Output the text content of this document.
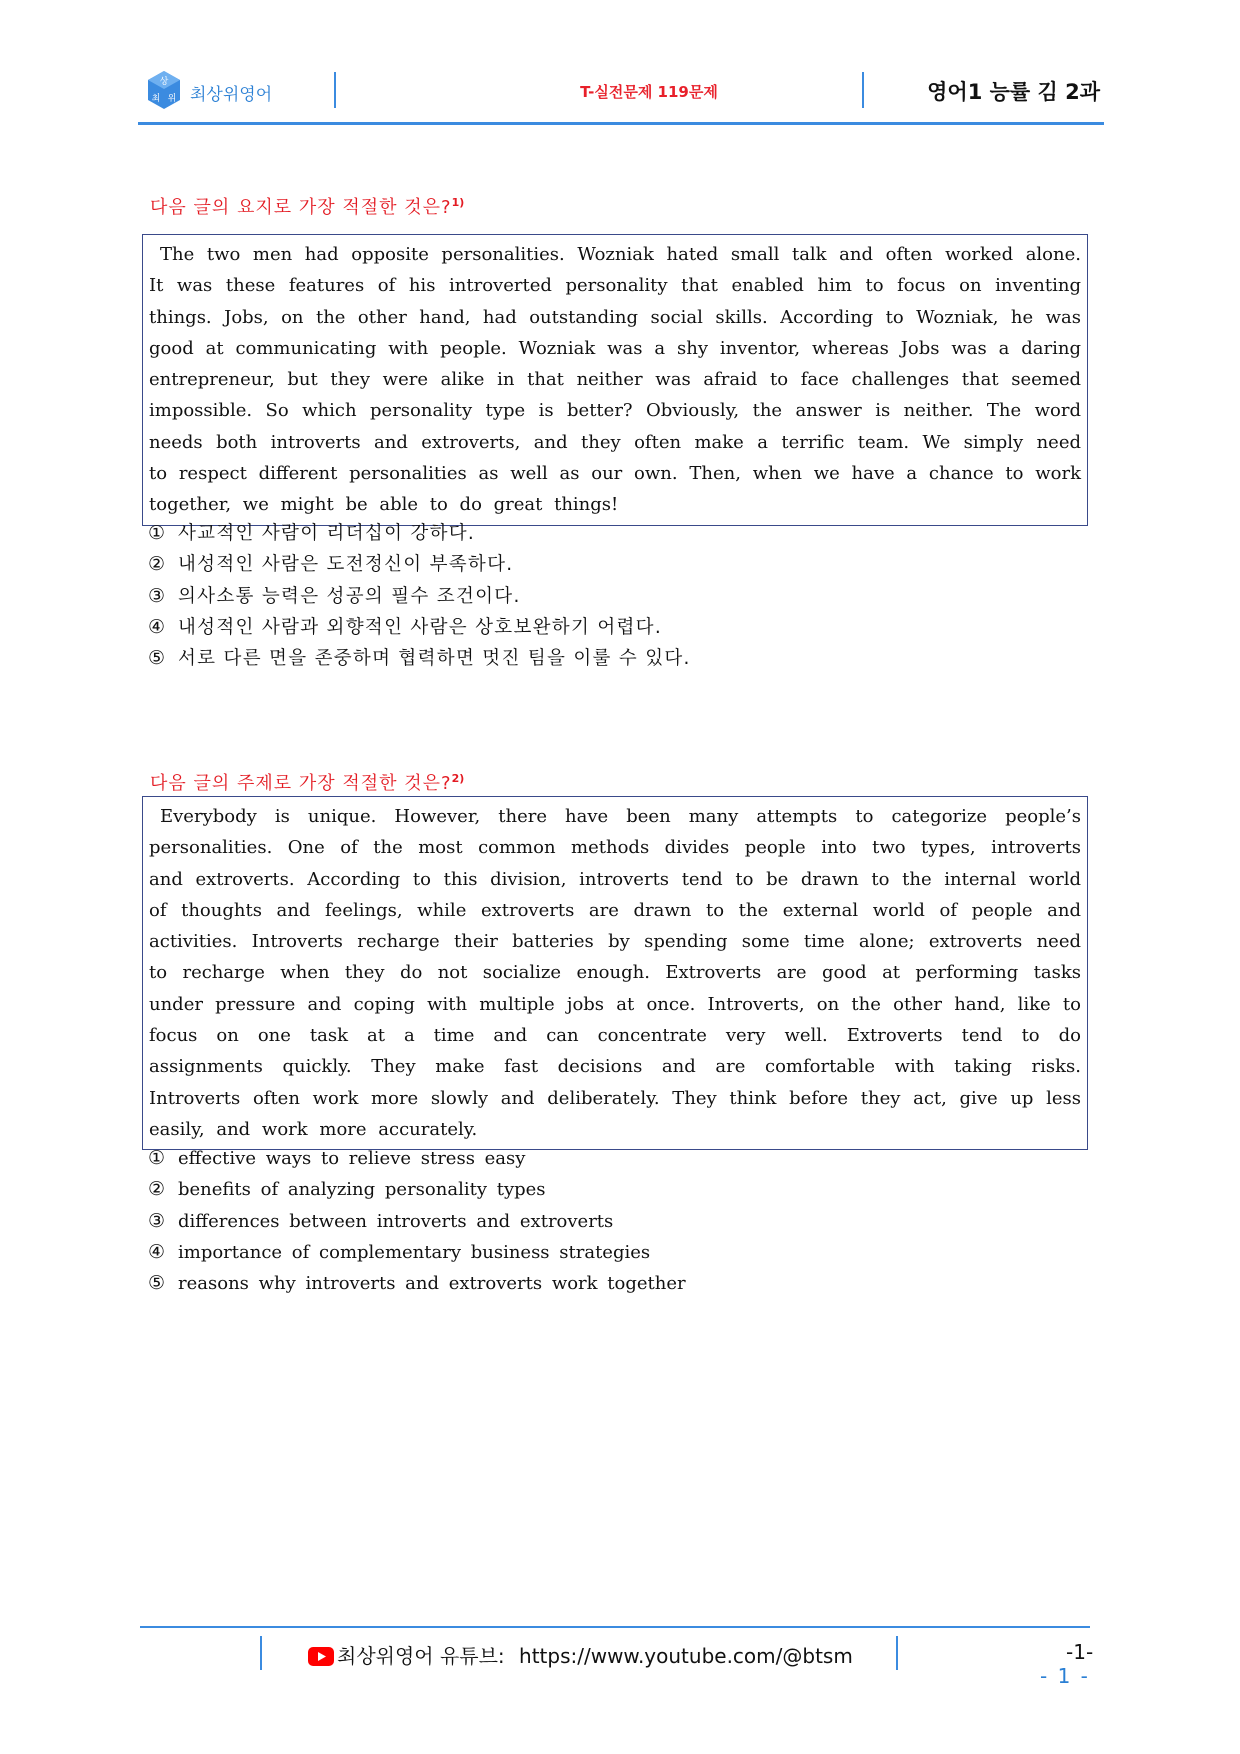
상
최 위 최상위영어	T-실전문제 119문제	영어1 능률 김 2과
다음 글의 요지로 가장 적절한 것은?$^{1)}$
The two men had opposite personalities. Wozniak hated small talk and often worked alone. It was these features of his introverted personality that enabled him to focus on inventing things. Jobs, on the other hand, had outstanding social skills. According to Wozniak, he was good at communicating with people. Wozniak was a shy inventor, whereas Jobs was a daring entrepreneur, but they were alike in that neither was afraid to face challenges that seemed impossible. So which personality type is better? Obviously, the answer is neither. The word needs both introverts and extroverts, and they often make a terrific team. We simply need to respect different personalities as well as our own. Then, when we have a chance to work together, we might be able to do great things!
① 사교적인 사람이 리더십이 강하다.
② 내성적인 사람은 도전정신이 부족하다.
③ 의사소통 능력은 성공의 필수 조건이다.
④ 내성적인 사람과 외향적인 사람은 상호보완하기 어렵다.
⑤ 서로 다른 면을 존중하며 협력하면 멋진 팀을 이룰 수 있다.
다음 글의 주제로 가장 적절한 것은?$^{2)}$
Everybody is unique. However, there have been many attempts to categorize people’s personalities. One of the most common methods divides people into two types, introverts and extroverts. According to this division, introverts tend to be drawn to the internal world of thoughts and feelings, while extroverts are drawn to the external world of people and activities. Introverts recharge their batteries by spending some time alone; extroverts need to recharge when they do not socialize enough. Extroverts are good at performing tasks under pressure and coping with multiple jobs at once. Introverts, on the other hand, like to focus on one task at a time and can concentrate very well. Extroverts tend to do assignments quickly. They make fast decisions and are comfortable with taking risks. Introverts often work more slowly and deliberately. They think before they act, give up less easily, and work more accurately.
① effective ways to relieve stress easy
② benefits of analyzing personality types
③ differences between introverts and extroverts
④ importance of complementary business strategies
⑤ reasons why introverts and extroverts work together
최상위영어 유튜브: https://www.youtube.com/@btsm	-1-
- 1 -
